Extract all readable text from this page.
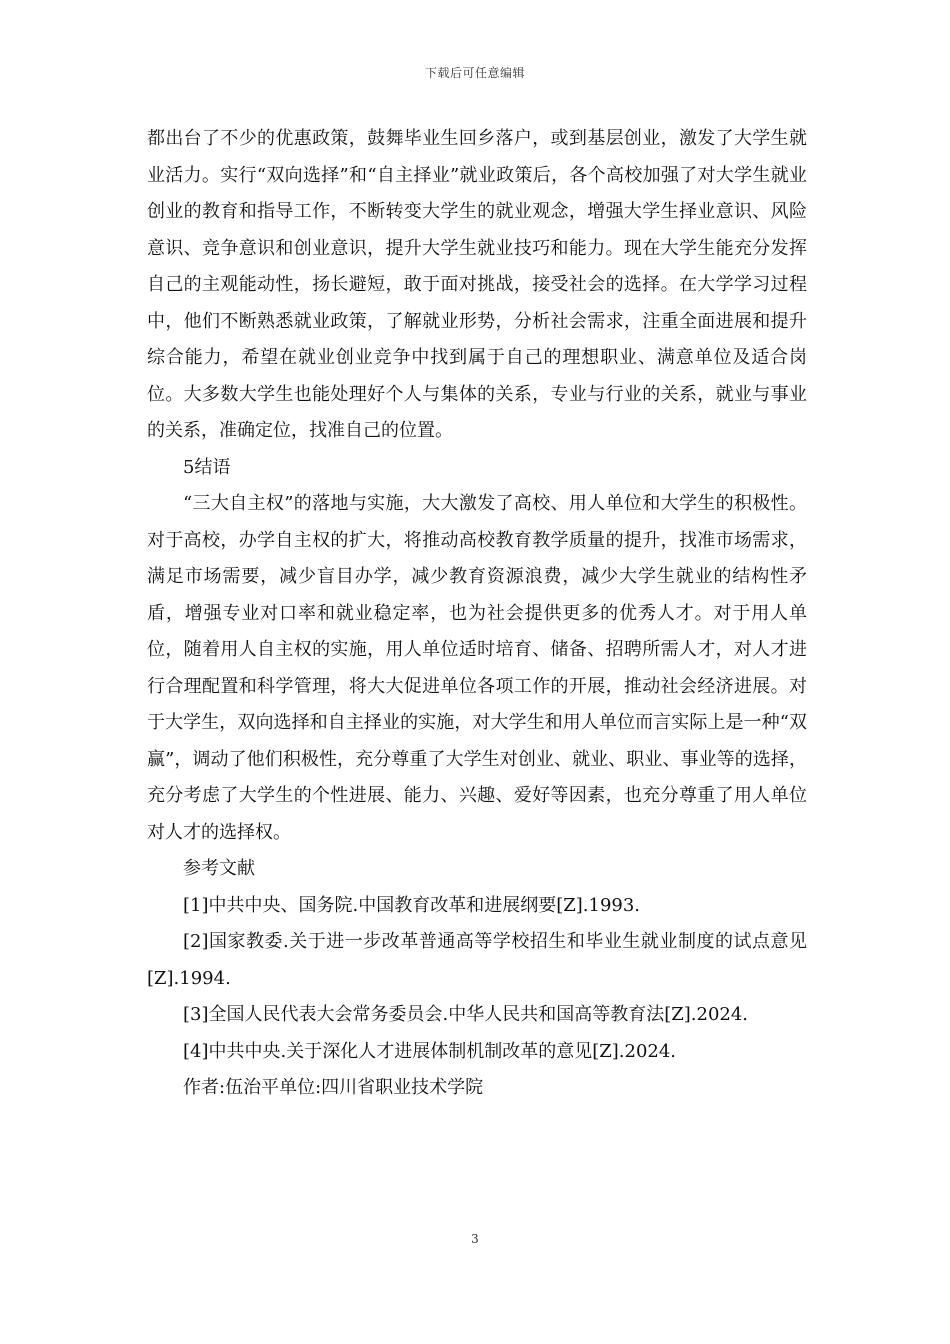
下载后可任意编辑

都出台了不少的优惠政策，鼓舞毕业生回乡落户，或到基层创业，激发了大学生就业活力。实行“双向选择”和“自主择业”就业政策后，各个高校加强了对大学生就业创业的教育和指导工作，不断转变大学生的就业观念，增强大学生择业意识、风险意识、竞争意识和创业意识，提升大学生就业技巧和能力。现在大学生能充分发挥自己的主观能动性，扬长避短，敢于面对挑战，接受社会的选择。在大学学习过程中，他们不断熟悉就业政策，了解就业形势，分析社会需求，注重全面进展和提升综合能力，希望在就业创业竞争中找到属于自己的理想职业、满意单位及适合岗位。大多数大学生也能处理好个人与集体的关系，专业与行业的关系，就业与事业的关系，准确定位，找准自己的位置。

5结语

“三大自主权”的落地与实施，大大激发了高校、用人单位和大学生的积极性。对于高校，办学自主权的扩大，将推动高校教育教学质量的提升，找准市场需求，满足市场需要，减少盲目办学，减少教育资源浪费，减少大学生就业的结构性矛盾，增强专业对口率和就业稳定率，也为社会提供更多的优秀人才。对于用人单位，随着用人自主权的实施，用人单位适时培育、储备、招聘所需人才，对人才进行合理配置和科学管理，将大大促进单位各项工作的开展，推动社会经济进展。对于大学生，双向选择和自主择业的实施，对大学生和用人单位而言实际上是一种“双赢”，调动了他们积极性，充分尊重了大学生对创业、就业、职业、事业等的选择，充分考虑了大学生的个性进展、能力、兴趣、爱好等因素，也充分尊重了用人单位对人才的选择权。

参考文献

[1]中共中央、国务院.中国教育改革和进展纲要[Z].1993.

[2]国家教委.关于进一步改革普通高等学校招生和毕业生就业制度的试点意见[Z].1994.

[3]全国人民代表大会常务委员会.中华人民共和国高等教育法[Z].2024.

[4]中共中央.关于深化人才进展体制机制改革的意见[Z].2024.

作者:伍治平单位:四川省职业技术学院

3
